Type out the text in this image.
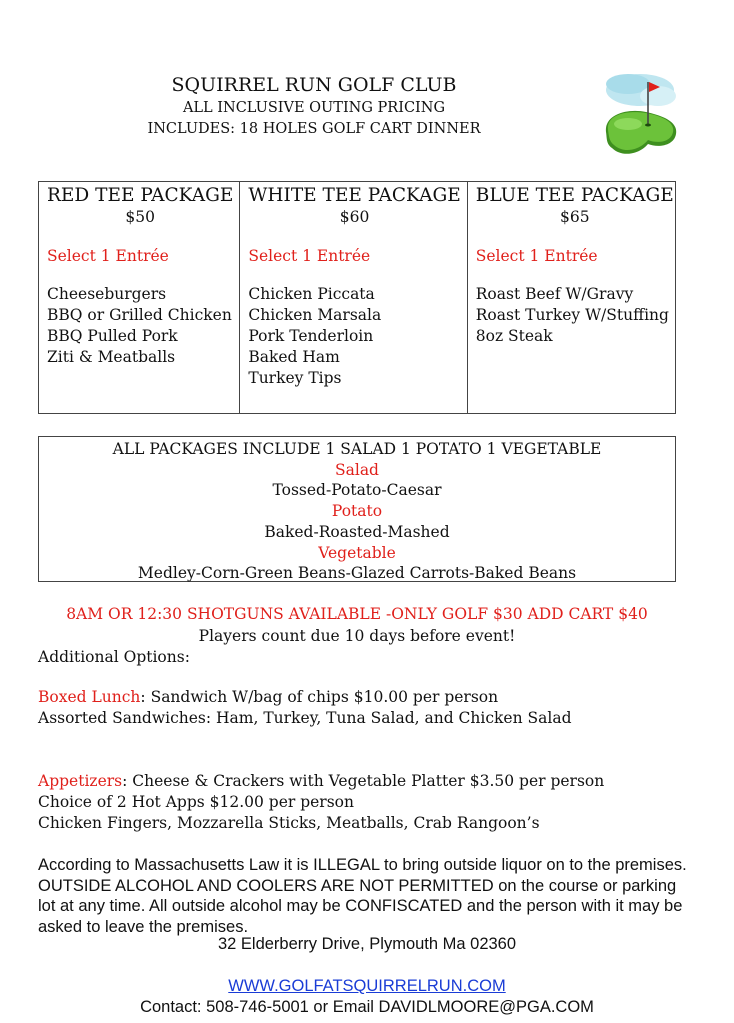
SQUIRREL RUN GOLF CLUB
ALL INCLUSIVE OUTING PRICING
INCLUDES: 18 HOLES GOLF CART DINNER
RED TEE PACKAGE
$50
Select 1 Entrée
Cheeseburgers
BBQ or Grilled Chicken
BBQ Pulled Pork
Ziti & Meatballs
WHITE TEE PACKAGE
$60
Select 1 Entrée
Chicken Piccata
Chicken Marsala
Pork Tenderloin
Baked Ham
Turkey Tips
BLUE TEE PACKAGE
$65
Select 1 Entrée
Roast Beef W/Gravy
Roast Turkey W/Stuffing
8oz Steak
ALL PACKAGES INCLUDE 1 SALAD 1 POTATO 1 VEGETABLE
Salad
Tossed-Potato-Caesar
Potato
Baked-Roasted-Mashed
Vegetable
Medley-Corn-Green Beans-Glazed Carrots-Baked Beans
8AM OR 12:30 SHOTGUNS AVAILABLE -ONLY GOLF $30 ADD CART $40
Players count due 10 days before event!
Additional Options:
Boxed Lunch: Sandwich W/bag of chips $10.00 per person
Assorted Sandwiches: Ham, Turkey, Tuna Salad, and Chicken Salad
Appetizers: Cheese & Crackers with Vegetable Platter $3.50 per person
Choice of 2 Hot Apps $12.00 per person
Chicken Fingers, Mozzarella Sticks, Meatballs, Crab Rangoon’s
According to Massachusetts Law it is ILLEGAL to bring outside liquor on to the premises. OUTSIDE ALCOHOL AND COOLERS ARE NOT PERMITTED on the course or parking lot at any time. All outside alcohol may be CONFISCATED and the person with it may be asked to leave the premises.
32 Elderberry Drive, Plymouth Ma 02360
WWW.GOLFATSQUIRRELRUN.COM
Contact: 508-746-5001 or Email DAVIDLMOORE@PGA.COM
